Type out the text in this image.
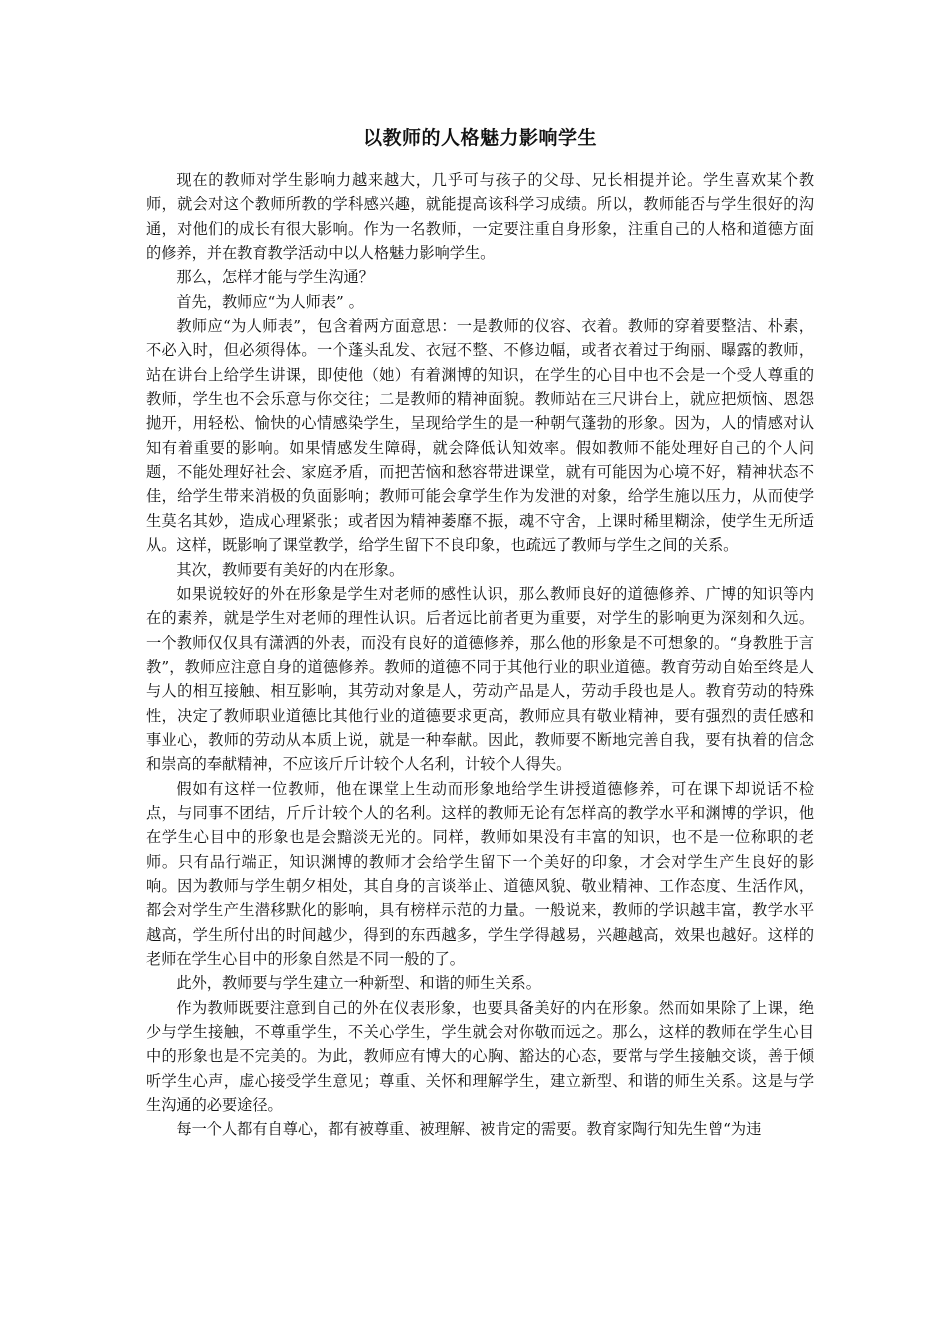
以教师的人格魅力影响学生

现在的教师对学生影响力越来越大，几乎可与孩子的父母、兄长相提并论。学生喜欢某个教师，就会对这个教师所教的学科感兴趣，就能提高该科学习成绩。所以，教师能否与学生很好的沟通，对他们的成长有很大影响。作为一名教师，一定要注重自身形象，注重自己的人格和道德方面的修养，并在教育教学活动中以人格魅力影响学生。

那么，怎样才能与学生沟通？

首先，教师应“为人师表” 。

教师应“为人师表”，包含着两方面意思：一是教师的仪容、衣着。教师的穿着要整洁、朴素，不必入时，但必须得体。一个蓬头乱发、衣冠不整、不修边幅，或者衣着过于绚丽、曝露的教师，站在讲台上给学生讲课，即使他（她）有着渊博的知识，在学生的心目中也不会是一个受人尊重的教师，学生也不会乐意与你交往；二是教师的精神面貌。教师站在三尺讲台上，就应把烦恼、恩怨抛开，用轻松、愉快的心情感染学生，呈现给学生的是一种朝气蓬勃的形象。因为，人的情感对认知有着重要的影响。如果情感发生障碍，就会降低认知效率。假如教师不能处理好自己的个人问题，不能处理好社会、家庭矛盾，而把苦恼和愁容带进课堂，就有可能因为心境不好，精神状态不佳，给学生带来消极的负面影响；教师可能会拿学生作为发泄的对象，给学生施以压力，从而使学生莫名其妙，造成心理紧张；或者因为精神萎靡不振，魂不守舍，上课时稀里糊涂，使学生无所适从。这样，既影响了课堂教学，给学生留下不良印象，也疏远了教师与学生之间的关系。

其次，教师要有美好的内在形象。

如果说较好的外在形象是学生对老师的感性认识，那么教师良好的道德修养、广博的知识等内在的素养，就是学生对老师的理性认识。后者远比前者更为重要，对学生的影响更为深刻和久远。一个教师仅仅具有潇洒的外表，而没有良好的道德修养，那么他的形象是不可想象的。“身教胜于言教”，教师应注意自身的道德修养。教师的道德不同于其他行业的职业道德。教育劳动自始至终是人与人的相互接触、相互影响，其劳动对象是人，劳动产品是人，劳动手段也是人。教育劳动的特殊性，决定了教师职业道德比其他行业的道德要求更高，教师应具有敬业精神，要有强烈的责任感和事业心，教师的劳动从本质上说，就是一种奉献。因此，教师要不断地完善自我，要有执着的信念和崇高的奉献精神，不应该斤斤计较个人名利，计较个人得失。

假如有这样一位教师，他在课堂上生动而形象地给学生讲授道德修养，可在课下却说话不检点，与同事不团结，斤斤计较个人的名利。这样的教师无论有怎样高的教学水平和渊博的学识，他在学生心目中的形象也是会黯淡无光的。同样，教师如果没有丰富的知识，也不是一位称职的老师。只有品行端正，知识渊博的教师才会给学生留下一个美好的印象，才会对学生产生良好的影响。因为教师与学生朝夕相处，其自身的言谈举止、道德风貌、敬业精神、工作态度、生活作风，都会对学生产生潜移默化的影响，具有榜样示范的力量。一般说来，教师的学识越丰富，教学水平越高，学生所付出的时间越少，得到的东西越多，学生学得越易，兴趣越高，效果也越好。这样的老师在学生心目中的形象自然是不同一般的了。

此外，教师要与学生建立一种新型、和谐的师生关系。

作为教师既要注意到自己的外在仪表形象，也要具备美好的内在形象。然而如果除了上课，绝少与学生接触，不尊重学生，不关心学生，学生就会对你敬而远之。那么，这样的教师在学生心目中的形象也是不完美的。为此，教师应有博大的心胸、豁达的心态，要常与学生接触交谈，善于倾听学生心声，虚心接受学生意见；尊重、关怀和理解学生，建立新型、和谐的师生关系。这是与学生沟通的必要途径。

每一个人都有自尊心，都有被尊重、被理解、被肯定的需要。教育家陶行知先生曾“为违
